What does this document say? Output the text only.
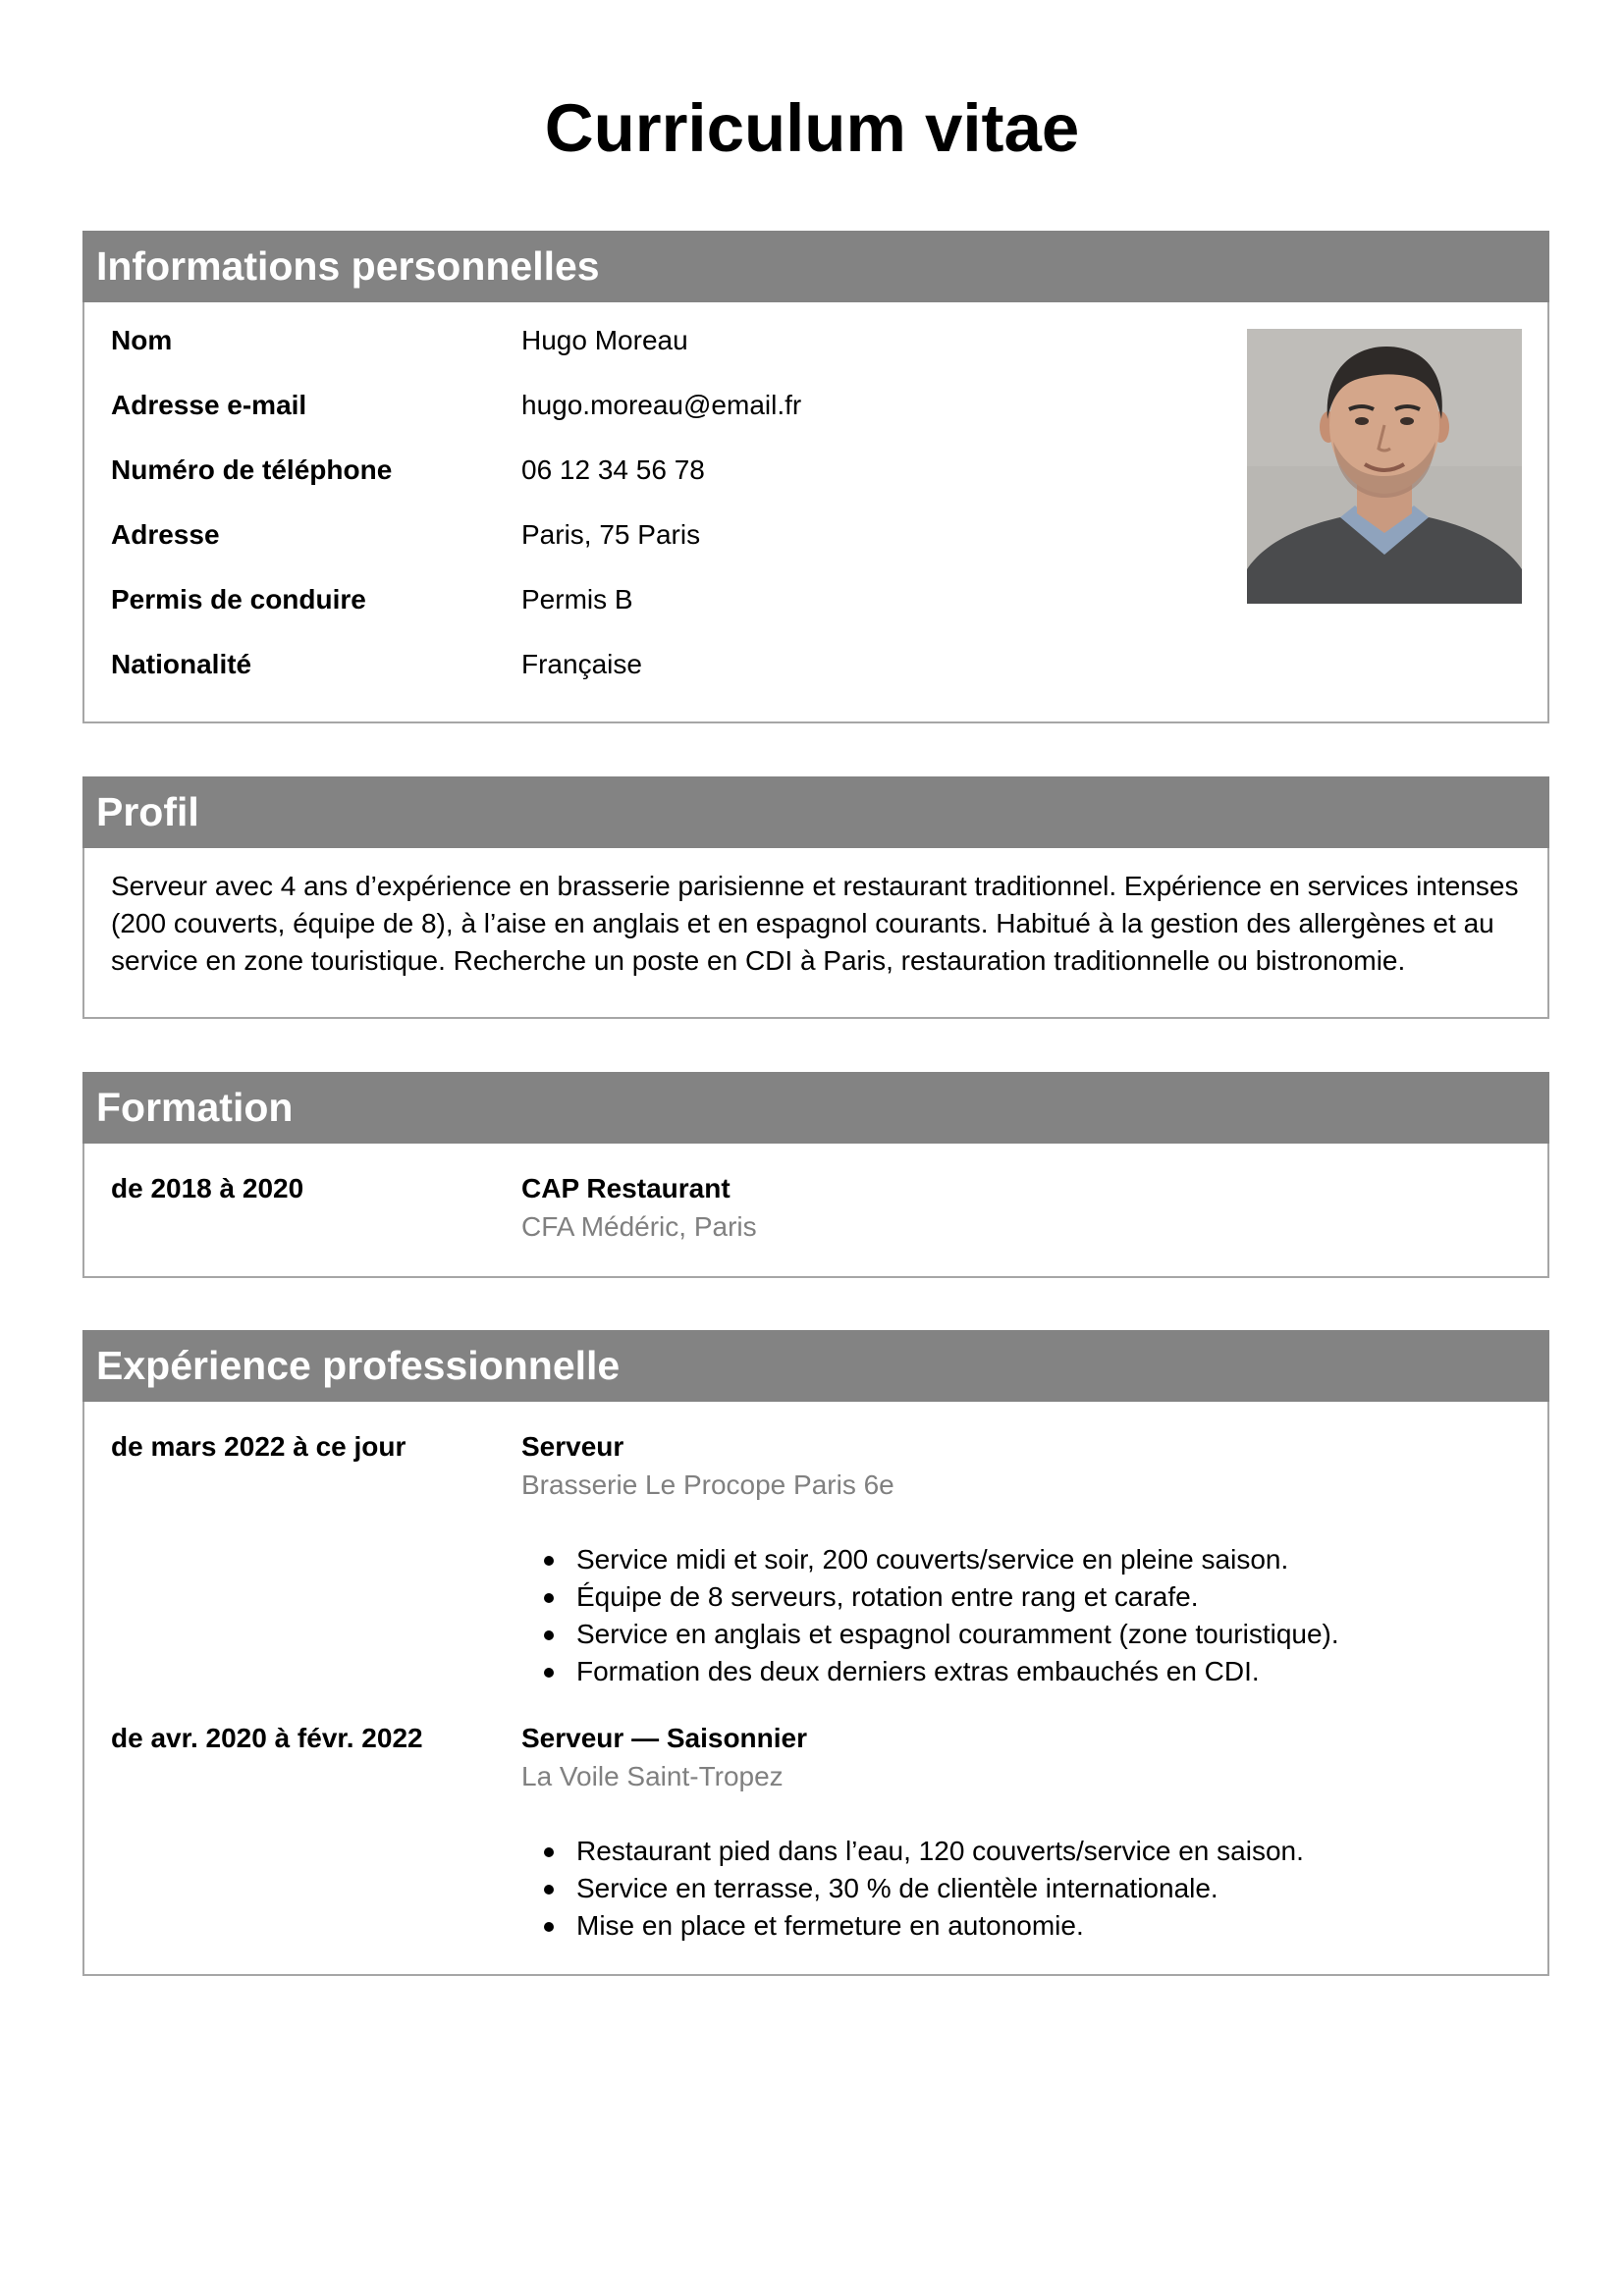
Curriculum vitae
Informations personnelles
Nom	Hugo Moreau
Adresse e-mail	hugo.moreau@email.fr
Numéro de téléphone	06 12 34 56 78
Adresse	Paris, 75 Paris
Permis de conduire	Permis B
Nationalité	Française
Profil

Serveur avec 4 ans d’expérience en brasserie parisienne et restaurant traditionnel. Expérience en services intenses (200 couverts, équipe de 8), à l’aise en anglais et en espagnol courants. Habitué à la gestion des allergènes et au service en zone touristique. Recherche un poste en CDI à Paris, restauration traditionnelle ou bistronomie.

Formation
de 2018 à 2020	CAP Restaurant
CFA Médéric, Paris
Expérience professionnelle
de mars 2022 à ce jour	Serveur
Brasserie Le Procope Paris 6e
Service midi et soir, 200 couverts/service en pleine saison.
Équipe de 8 serveurs, rotation entre rang et carafe.
Service en anglais et espagnol couramment (zone touristique).
Formation des deux derniers extras embauchés en CDI.
de avr. 2020 à févr. 2022	Serveur — Saisonnier
La Voile Saint-Tropez
Restaurant pied dans l’eau, 120 couverts/service en saison.
Service en terrasse, 30 % de clientèle internationale.
Mise en place et fermeture en autonomie.
